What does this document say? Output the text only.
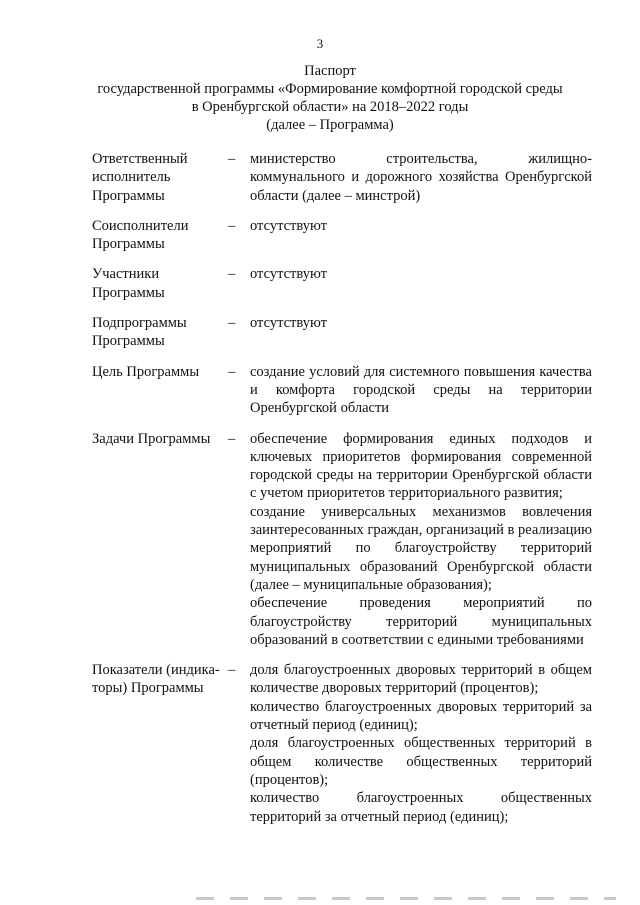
3
Паспорт
государственной программы «Формирование комфортной городской среды
в Оренбургской области» на 2018–2022 годы
(далее – Программа)
Ответственный
исполнитель
Программы
–	министерство строительства, жилищно-коммунального и дорожного хозяйства Оренбургской области (далее – минстрой)

Соисполнители
Программы
–	отсутствуют

Участники
Программы
–	отсутствуют

Подпрограммы
Программы
–	отсутствуют

Цель Программы	–	создание условий для системного повышения качества и комфорта городской среды на территории Оренбургской области

Задачи Программы	–	обеспечение формирования единых подходов и ключевых приоритетов формирования современной городской среды на территории Оренбургской области с учетом приоритетов территориального развития;

создание универсальных механизмов вовлечения заинтересованных граждан, организаций в реализацию мероприятий по благоустройству территорий муниципальных образований Оренбургской области (далее – муниципальные образования);

обеспечение проведения мероприятий по благоустройству территорий муниципальных образований в соответствии с едиными требованиями

Показатели (индика-
торы) Программы
–	доля благоустроенных дворовых территорий в общем количестве дворовых территорий (процентов);

количество благоустроенных дворовых территорий за отчетный период (единиц);

доля благоустроенных общественных территорий в общем количестве общественных территорий (процентов);

количество благоустроенных общественных территорий за отчетный период (единиц);
